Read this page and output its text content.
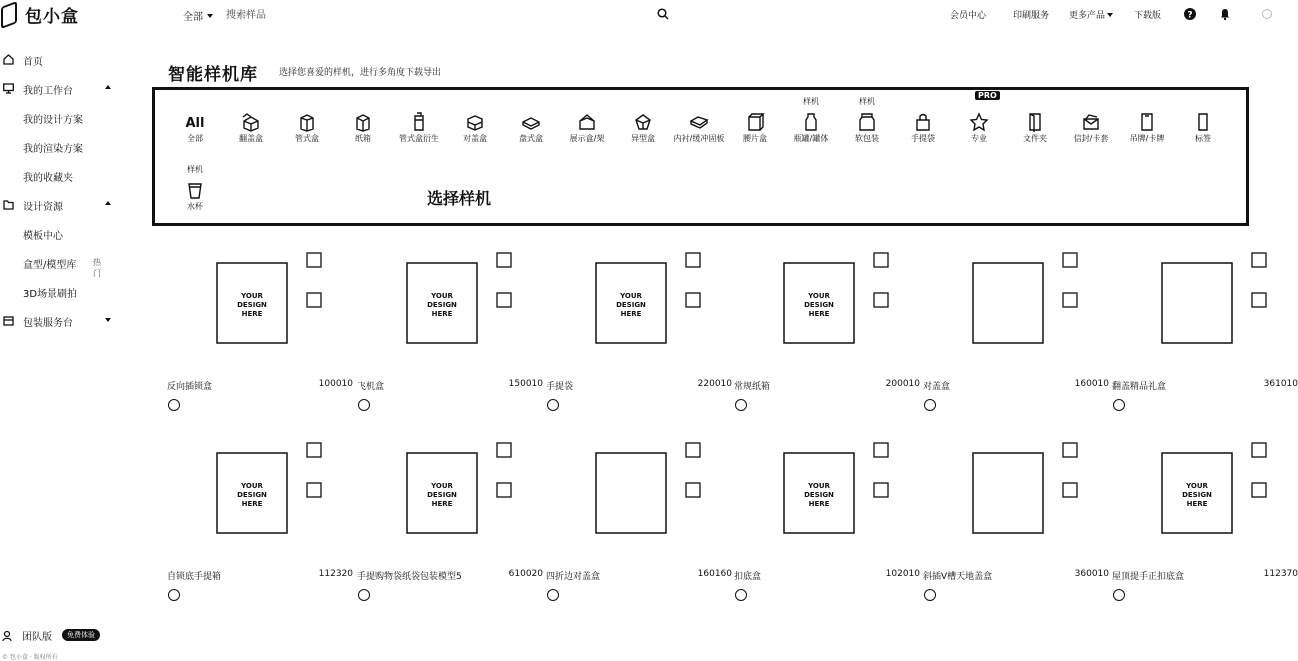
包小盒	全部
搜索样品	会员中心	印刷服务 更多产品	下载版	?
首页
我的工作台
我的设计方案
我的渲染方案
我的收藏夹
设计资源
模板中心
盒型/模型库 热门
3D场景刷拍
包装服务台
团队版	免费体验
© 包小盒 · 版权所有
智能样机库 选择您喜爱的样机，进行多角度下载导出
All
全部	翻盖盒	管式盒	纸箱	管式盒衍生	对盖盒	盘式盒	展示盒/架	异型盒	内衬/缓冲固板	腰片盒	瓶罐/罐体
样机
软包装
样机
手提袋	专业
PRO
文件夹	信封/卡套	吊牌/卡牌	标签
水杯
样机
选择样机
YOUR
DESIGN
HERE
反向插锁盒	100010
YOUR
DESIGN
HERE
飞机盒	150010
YOUR
DESIGN
HERE
手提袋	220010
YOUR
DESIGN
HERE
常规纸箱	200010 对盖盒	160010 翻盖精品礼盒	361010
YOUR
DESIGN
HERE
自锁底手提箱	112320
YOUR
DESIGN
HERE
手提购物袋纸袋包装模型5	610020 四折边对盖盒	160160
YOUR
DESIGN
HERE
扣底盒	102010 斜插V槽天地盖盒	360010
YOUR
DESIGN
HERE
屋顶提手正扣底盒	112370
